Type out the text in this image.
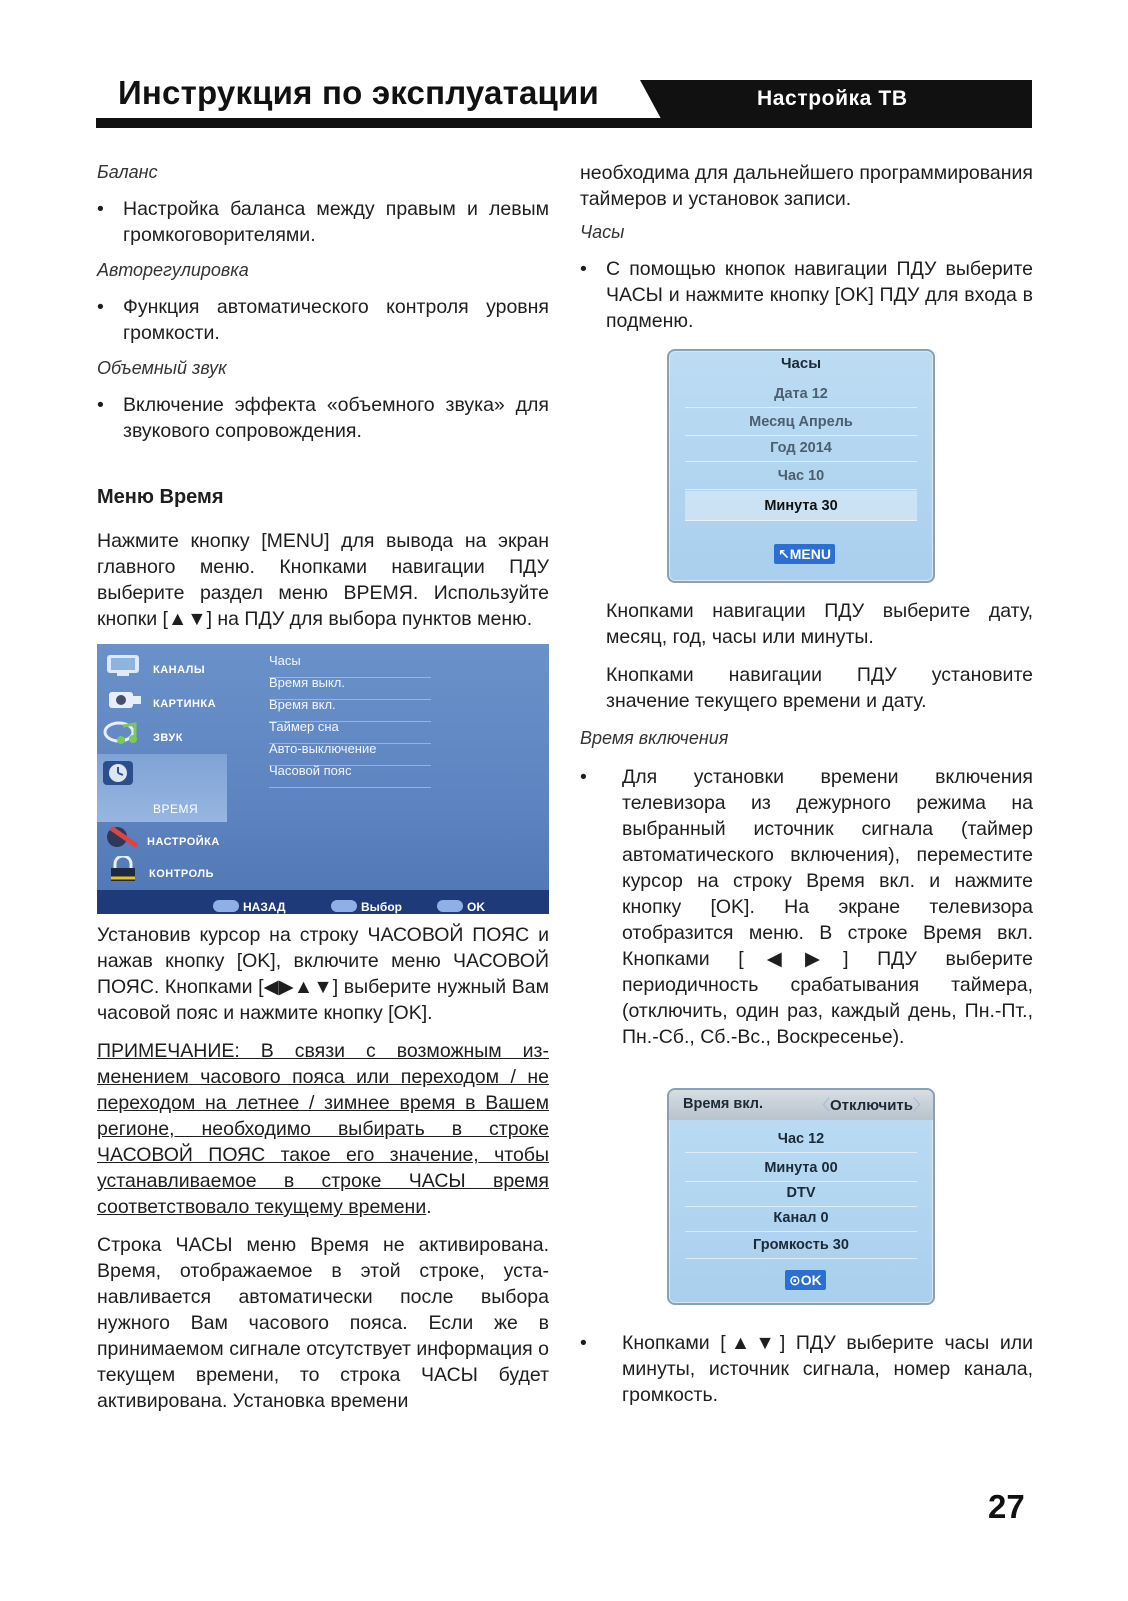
Инструкция по эксплуатации	Настройка ТВ
Баланс
• Настройка баланса между правым и левым громкоговорителями.
Авторегулировка
• Функция автоматического контроля уровня громкости.
Объемный звук
• Включение эффекта «объемного звука» для звукового сопровождения.
Меню Время

Нажмите кнопку [MENU] для вывода на экран главного меню. Кнопками навигации ПДУ выберите раздел меню ВРЕМЯ. Используйте кнопки [▲▼] на ПДУ для выбора пунктов меню.

КАНАЛЫ
КАРТИНКА
ЗВУК
ВРЕМЯ
НАСТРОЙКА
КОНТРОЛЬ
Часы
Время выкл.
Время вкл.
Таймер сна
Авто-выключение
Часовой пояс
НАЗАД	Выбор	OK

Установив курсор на строку ЧАСОВОЙ ПОЯС и нажав кнопку [OK], включите меню ЧАСОВОЙ ПОЯС. Кнопками [◀▶▲▼] выберите нужный Вам часовой пояс и нажмите кнопку [OK].

ПРИМЕЧАНИЕ: В связи с возможным изменением часового пояса или переходом / не переходом на летнее / зимнее время в Вашем регионе, необходимо выбирать в строке ЧАСОВОЙ ПОЯС такое его значение, чтобы устанавливаемое в строке ЧАСЫ время соответствовало текущему времени.

Строка ЧАСЫ меню Время не активирована. Время, отображаемое в этой строке, устанавливается автоматически после выбора нужного Вам часового пояса. Если же в принимаемом сигнале отсутствует информация о текущем времени, то строка ЧАСЫ будет активирована. Установка времени

необходима для дальнейшего программирования таймеров и установок записи.

Часы
• С помощью кнопок навигации ПДУ выберите ЧАСЫ и нажмите кнопку [OK] ПДУ для входа в подменю.
Часы
Дата 12
Месяц Апрель
Год 2014
Час 10
Минута 30
↖MENU

Кнопками навигации ПДУ выберите дату, месяц, год, часы или минуты.

Кнопками навигации ПДУ установите значение текущего времени и дату.

Время включения
•	Для установки времени включения телевизора из дежурного режима на выбранный источник сигнала (таймер автоматического включения), переместите курсор на строку Время вкл. и нажмите кнопку [OK]. На экране телевизора отобразится меню. В строке Время вкл. Кнопками [◀▶] ПДУ выберите периодичность срабатывания таймера, (отключить, один раз, каждый день, Пн.-Пт., Пн.-Сб., Сб.-Вс., Воскресенье).
Время вкл.	〈Отключить〉
Час 12
Минута 00
DTV
Канал 0
Громкость 30
⊙OK
•	Кнопками [▲▼] ПДУ выберите часы или минуты, источник сигнала, номер канала, громкость.
27
